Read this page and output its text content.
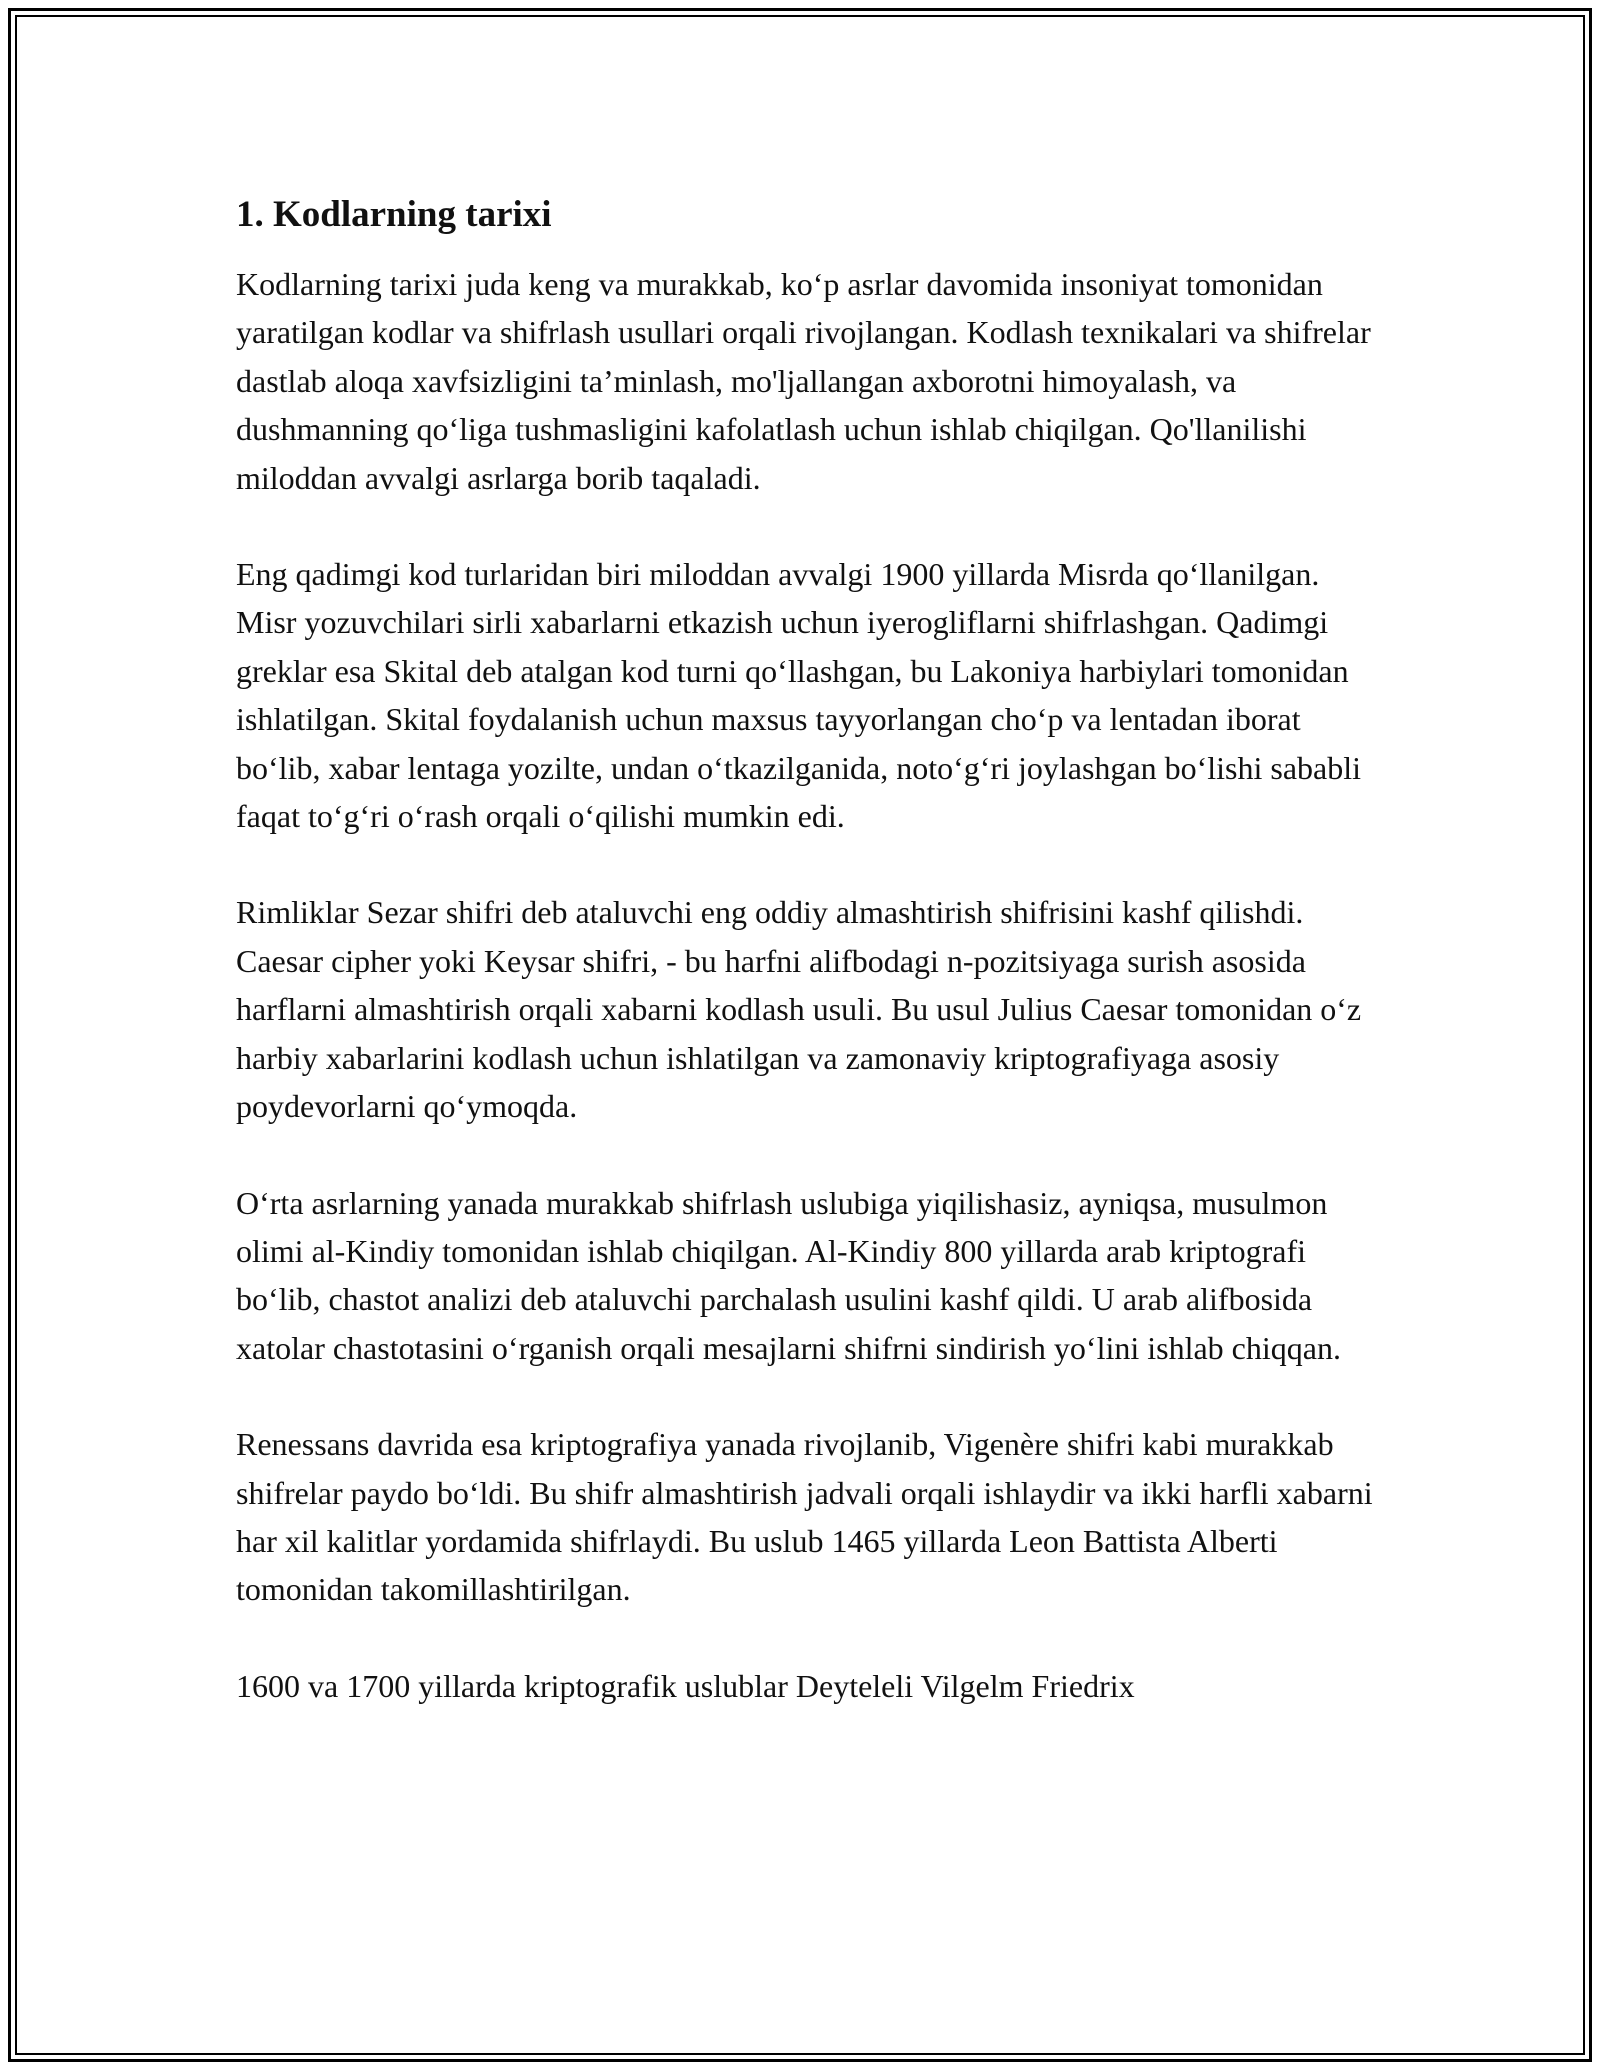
1. Kodlarning tarixi

Kodlarning tarixi juda keng va murakkab, ko‘p asrlar davomida insoniyat tomonidan yaratilgan kodlar va shifrlash usullari orqali rivojlangan. Kodlash texnikalari va shifrelar dastlab aloqa xavfsizligini ta’minlash, mo'ljallangan axborotni himoyalash, va dushmanning qo‘liga tushmasligini kafolatlash uchun ishlab chiqilgan. Qo'llanilishi miloddan avvalgi asrlarga borib taqaladi.

Eng qadimgi kod turlaridan biri miloddan avvalgi 1900 yillarda Misrda qo‘llanilgan. Misr yozuvchilari sirli xabarlarni etkazish uchun iyerogliflarni shifrlashgan. Qadimgi greklar esa Skital deb atalgan kod turni qo‘llashgan, bu Lakoniya harbiylari tomonidan ishlatilgan. Skital foydalanish uchun maxsus tayyorlangan cho‘p va lentadan iborat bo‘lib, xabar lentaga yozilte, undan o‘tkazilganida, noto‘g‘ri joylashgan bo‘lishi sababli faqat to‘g‘ri o‘rash orqali o‘qilishi mumkin edi.

Rimliklar Sezar shifri deb ataluvchi eng oddiy almashtirish shifrisini kashf qilishdi. Caesar cipher yoki Keysar shifri, - bu harfni alifbodagi n-pozitsiyaga surish asosida harflarni almashtirish orqali xabarni kodlash usuli. Bu usul Julius Caesar tomonidan o‘z harbiy xabarlarini kodlash uchun ishlatilgan va zamonaviy kriptografiyaga asosiy poydevorlarni qo‘ymoqda.

O‘rta asrlarning yanada murakkab shifrlash uslubiga yiqilishasiz, ayniqsa, musulmon olimi al-Kindiy tomonidan ishlab chiqilgan. Al-Kindiy 800 yillarda arab kriptografi bo‘lib, chastot analizi deb ataluvchi parchalash usulini kashf qildi. U arab alifbosida xatolar chastotasini o‘rganish orqali mesajlarni shifrni sindirish yo‘lini ishlab chiqqan.

Renessans davrida esa kriptografiya yanada rivojlanib, Vigenère shifri kabi murakkab shifrelar paydo bo‘ldi. Bu shifr almashtirish jadvali orqali ishlaydir va ikki harfli xabarni har xil kalitlar yordamida shifrlaydi. Bu uslub 1465 yillarda Leon Battista Alberti tomonidan takomillashtirilgan.

1600 va 1700 yillarda kriptografik uslublar Deyteleli Vilgelm Friedrix
